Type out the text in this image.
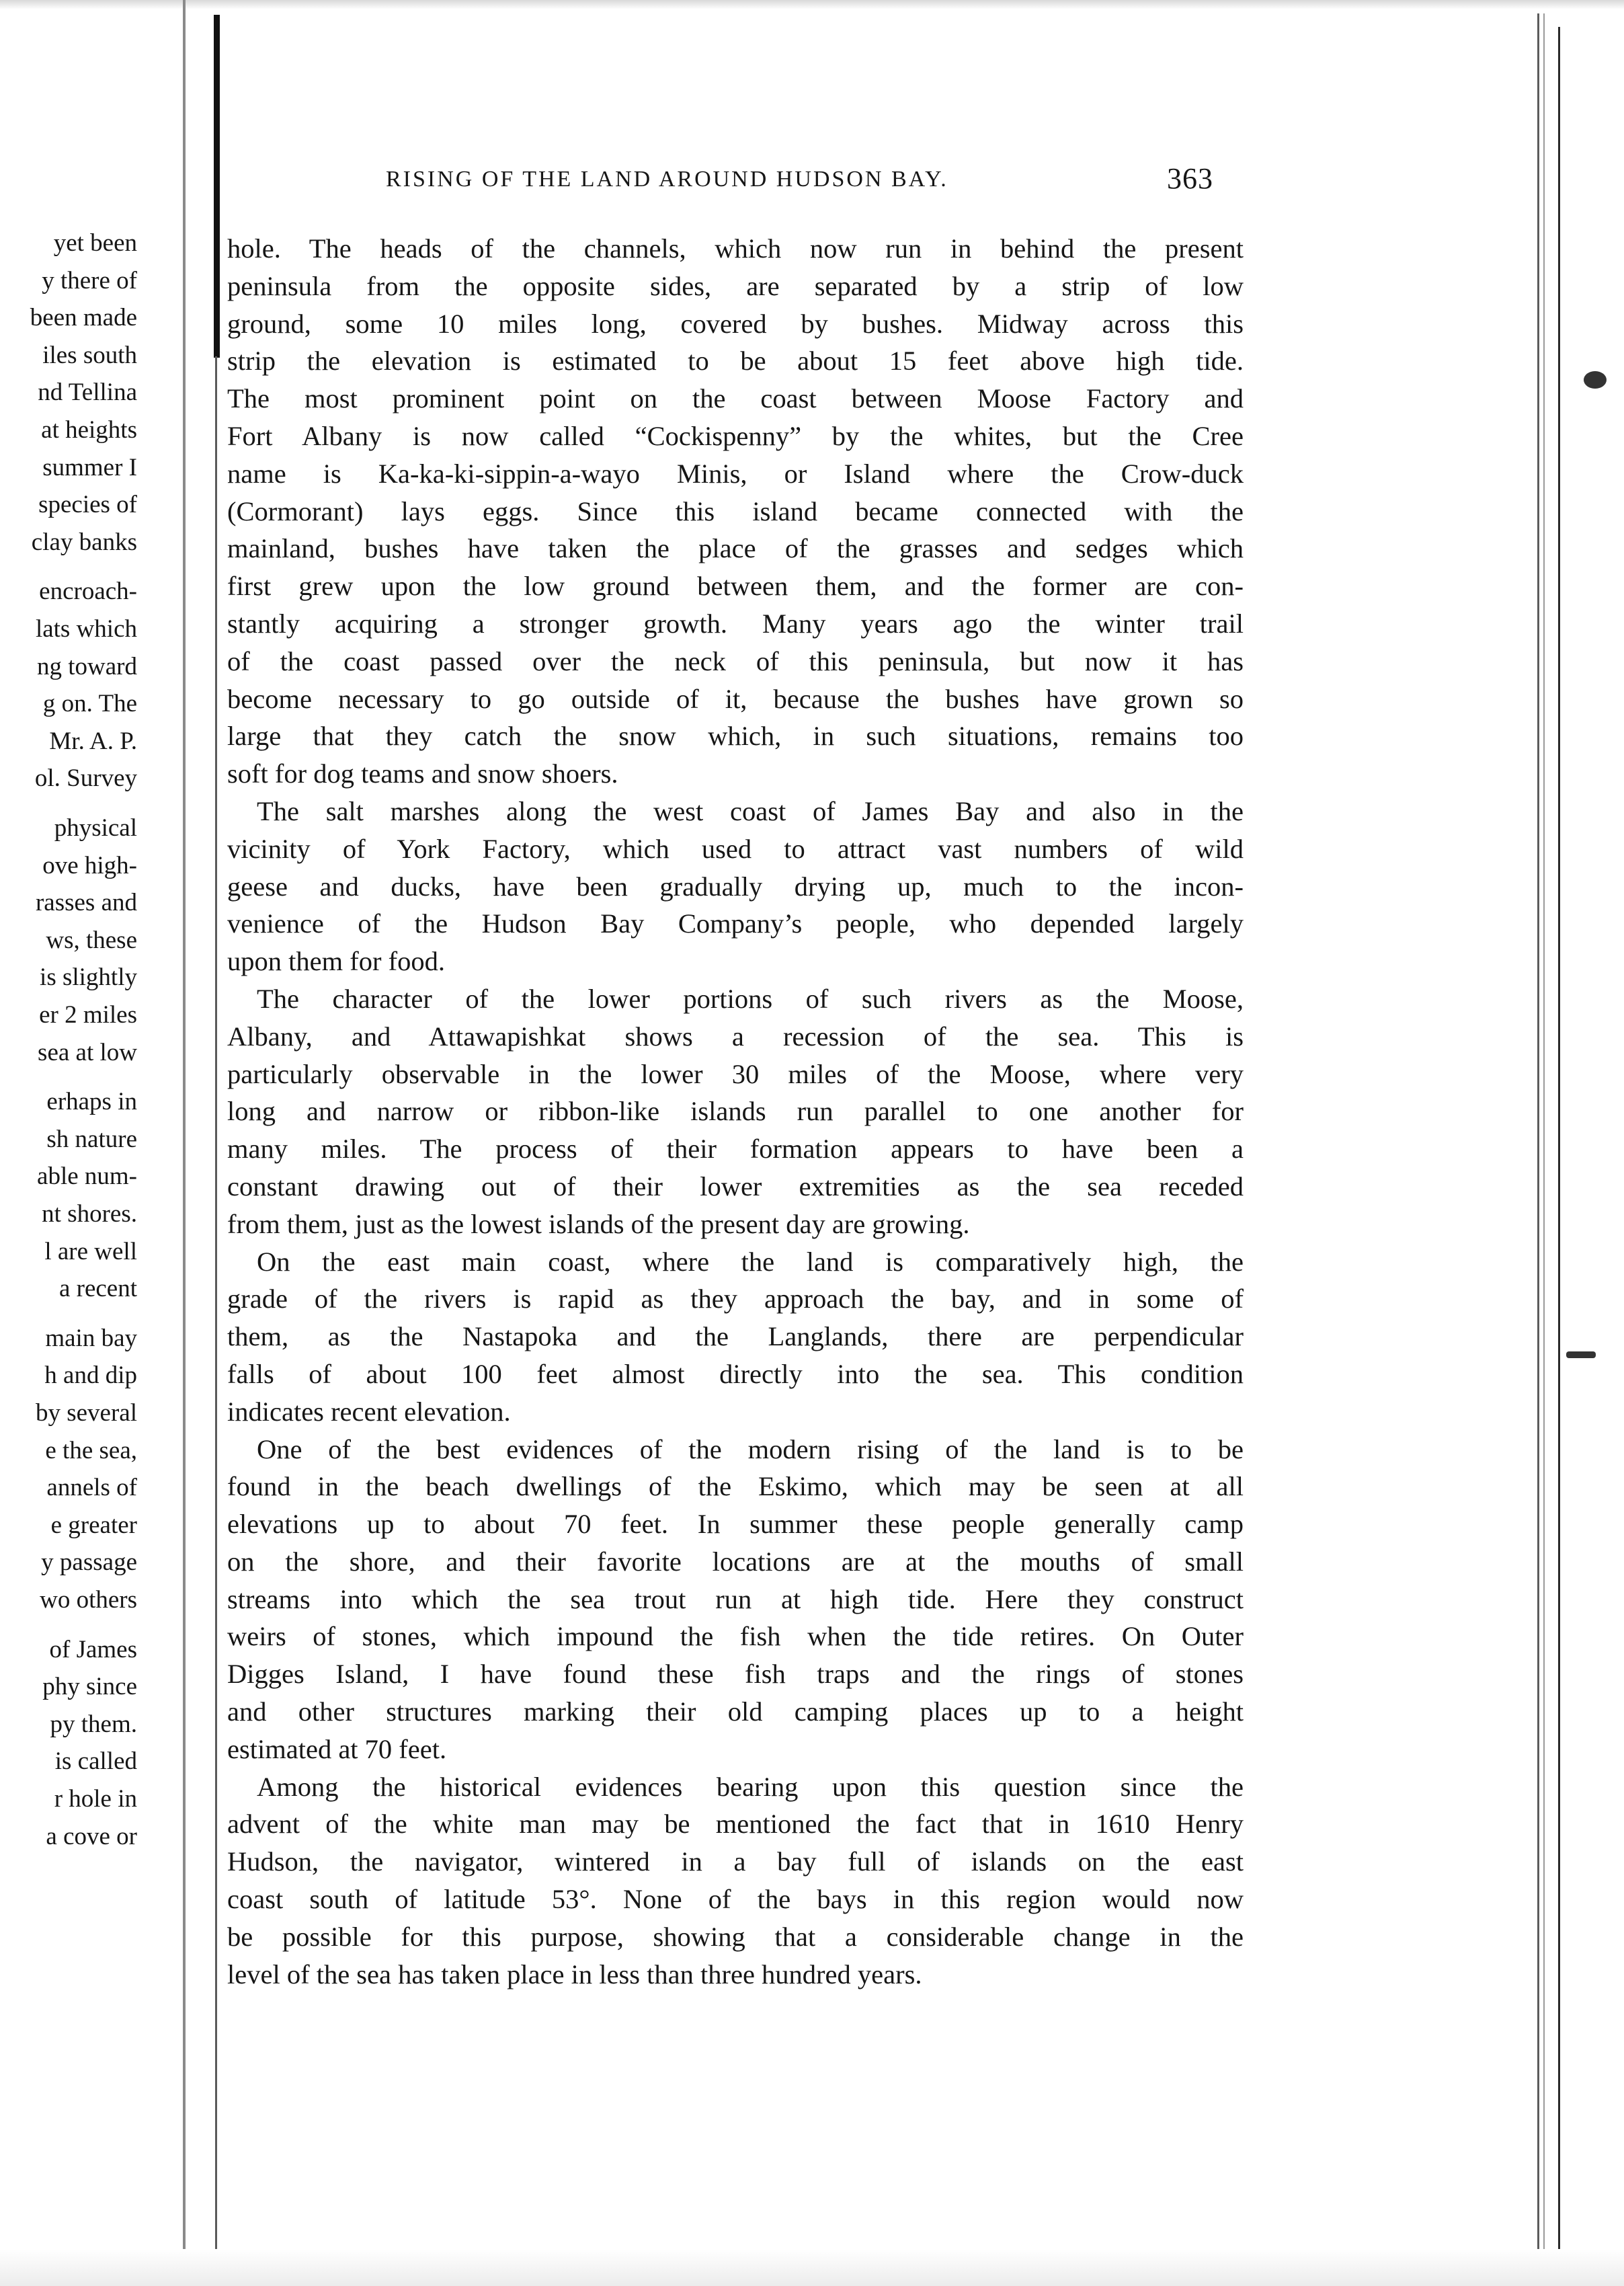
yet been
y there of
been made
iles south
nd Tellina
at heights
summer I
species of
clay banks
encroach-
lats which
ng toward
g on. The
Mr. A. P.
ol. Survey
physical
ove high-
rasses and
ws, these
is slightly
er 2 miles
sea at low
erhaps in
sh nature
able num-
nt shores.
l are well
a recent
main bay
h and dip
by several
e the sea,
annels of
e greater
y passage
wo others
of James
phy since
py them.
is called
r hole in
a cove or
RISING OF THE LAND AROUND HUDSON BAY.	363
hole. The heads of the channels, which now run in behind the present
peninsula from the opposite sides, are separated by a strip of low
ground, some 10 miles long, covered by bushes. Midway across this
strip the elevation is estimated to be about 15 feet above high tide.
The most prominent point on the coast between Moose Factory and
Fort Albany is now called “Cockispenny” by the whites, but the Cree
name is Ka-ka-ki-sippin-a-wayo Minis, or Island where the Crow-duck
(Cormorant) lays eggs. Since this island became connected with the
mainland, bushes have taken the place of the grasses and sedges which
first grew upon the low ground between them, and the former are con-
stantly acquiring a stronger growth. Many years ago the winter trail
of the coast passed over the neck of this peninsula, but now it has
become necessary to go outside of it, because the bushes have grown so
large that they catch the snow which, in such situations, remains too
soft for dog teams and snow shoers.
The salt marshes along the west coast of James Bay and also in the
vicinity of York Factory, which used to attract vast numbers of wild
geese and ducks, have been gradually drying up, much to the incon-
venience of the Hudson Bay Company’s people, who depended largely
upon them for food.
The character of the lower portions of such rivers as the Moose,
Albany, and Attawapishkat shows a recession of the sea. This is
particularly observable in the lower 30 miles of the Moose, where very
long and narrow or ribbon-like islands run parallel to one another for
many miles. The process of their formation appears to have been a
constant drawing out of their lower extremities as the sea receded
from them, just as the lowest islands of the present day are growing.
On the east main coast, where the land is comparatively high, the
grade of the rivers is rapid as they approach the bay, and in some of
them, as the Nastapoka and the Langlands, there are perpendicular
falls of about 100 feet almost directly into the sea. This condition
indicates recent elevation.
One of the best evidences of the modern rising of the land is to be
found in the beach dwellings of the Eskimo, which may be seen at all
elevations up to about 70 feet. In summer these people generally camp
on the shore, and their favorite locations are at the mouths of small
streams into which the sea trout run at high tide. Here they construct
weirs of stones, which impound the fish when the tide retires. On Outer
Digges Island, I have found these fish traps and the rings of stones
and other structures marking their old camping places up to a height
estimated at 70 feet.
Among the historical evidences bearing upon this question since the
advent of the white man may be mentioned the fact that in 1610 Henry
Hudson, the navigator, wintered in a bay full of islands on the east
coast south of latitude 53°. None of the bays in this region would now
be possible for this purpose, showing that a considerable change in the
level of the sea has taken place in less than three hundred years.
